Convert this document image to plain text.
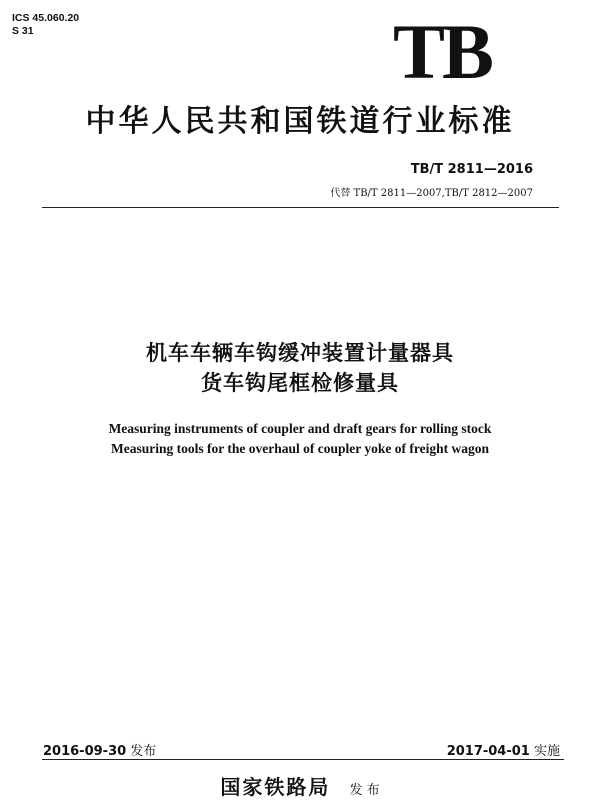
ICS 45.060.20
S 31	TB
中华人民共和国铁道行业标准
TB/T 2811—2016
代替 TB/T 2811—2007,TB/T 2812—2007
机车车辆车钩缓冲装置计量器具
货车钩尾框检修量具
Measuring instruments of coupler and draft gears for rolling stock
Measuring tools for the overhaul of coupler yoke of freight wagon
2016-09-30 发布	2017-04-01 实施
国家铁路局 发 布
